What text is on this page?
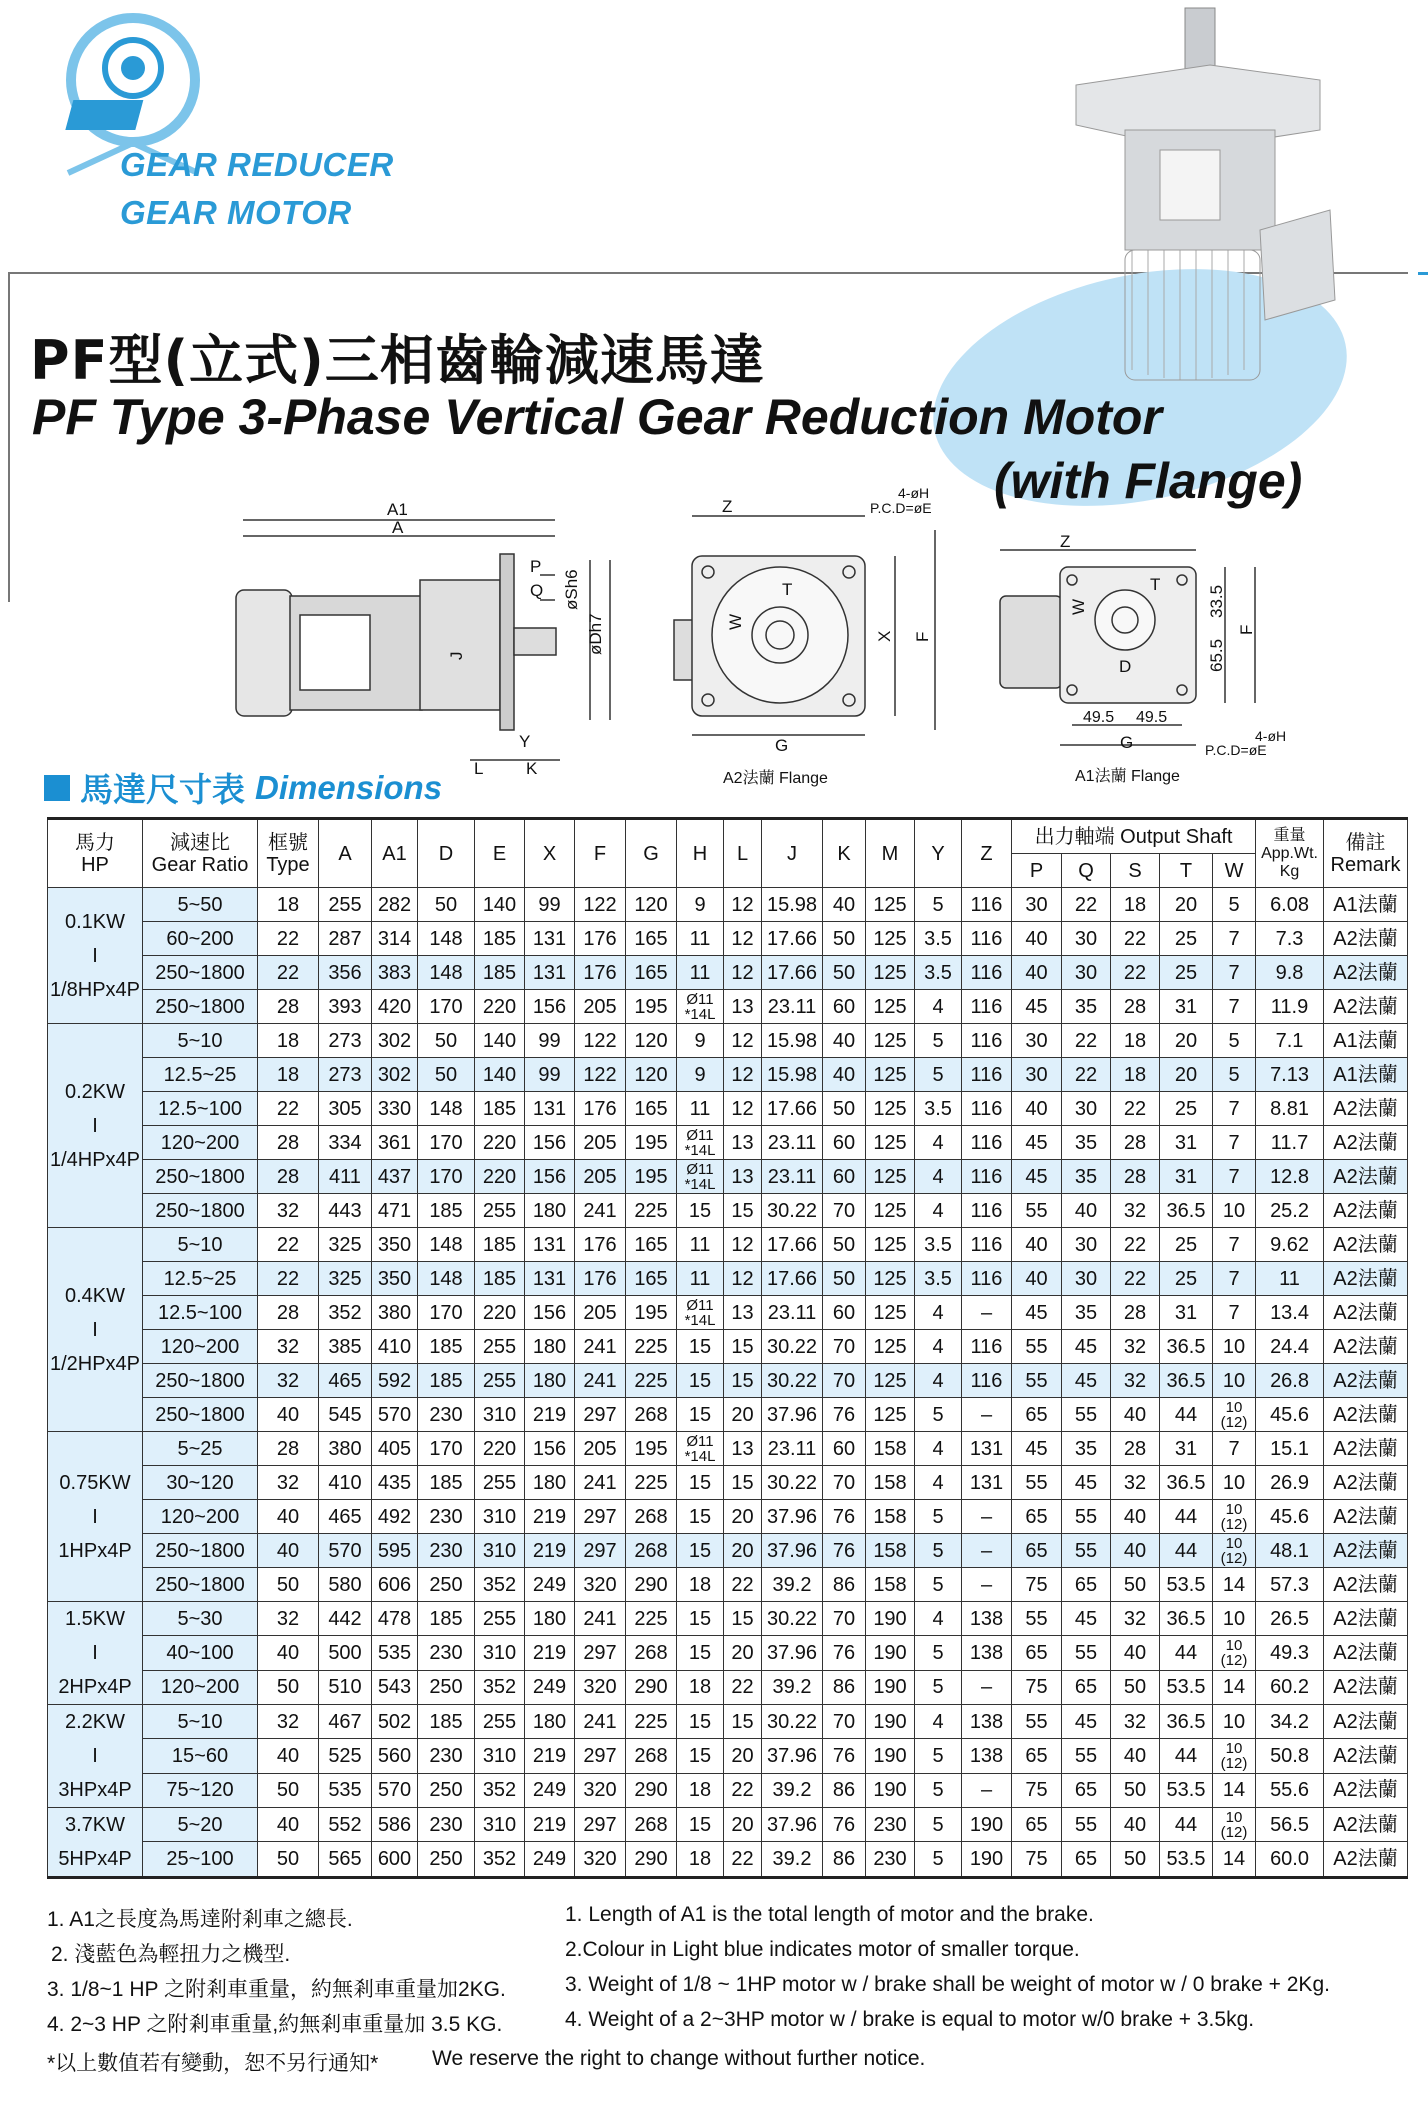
GEAR REDUCER
GEAR MOTOR
PF型(立式)三相齒輪減速馬達
PF Type 3-Phase Vertical Gear Reduction Motor
(with Flange)
A1
A
P
Q øSh6
øDh7
J
Y
L	K
Z
4-øH
P.C.D=øE
T
W
X F
G
A2法蘭 Flange
Z
T
W	33.5
65.5
F
D
49.5 49.5
G	4-øH
P.C.D=øE
A1法蘭 Flange
馬達尺寸表 Dimensions
馬力
HP	減速比
Gear Ratio	框號
Type	A	A1	D	E	X	F	G	H	L	J	K	M	Y	Z	出力軸端 Output Shaft					重量
App.Wt.
Kg	備註
Remark
																	P	Q	S	T	W		
0.1KW
I
1/8HPx4P	5~50	18	255	282	50	140	99	122	120	9	12	15.98	40	125	5	116	30	22	18	20	5	6.08	A1法蘭
	60~200	22	287	314	148	185	131	176	165	11	12	17.66	50	125	3.5	116	40	30	22	25	7	7.3	A2法蘭
	250~1800	22	356	383	148	185	131	176	165	11	12	17.66	50	125	3.5	116	40	30	22	25	7	9.8	A2法蘭
	250~1800	28	393	420	170	220	156	205	195	Ø11
*14L	13	23.11	60	125	4	116	45	35	28	31	7	11.9	A2法蘭
0.2KW
I
1/4HPx4P	5~10	18	273	302	50	140	99	122	120	9	12	15.98	40	125	5	116	30	22	18	20	5	7.1	A1法蘭
	12.5~25	18	273	302	50	140	99	122	120	9	12	15.98	40	125	5	116	30	22	18	20	5	7.13	A1法蘭
	12.5~100	22	305	330	148	185	131	176	165	11	12	17.66	50	125	3.5	116	40	30	22	25	7	8.81	A2法蘭
	120~200	28	334	361	170	220	156	205	195	Ø11
*14L	13	23.11	60	125	4	116	45	35	28	31	7	11.7	A2法蘭
	250~1800	28	411	437	170	220	156	205	195	Ø11
*14L	13	23.11	60	125	4	116	45	35	28	31	7	12.8	A2法蘭
	250~1800	32	443	471	185	255	180	241	225	15	15	30.22	70	125	4	116	55	40	32	36.5	10	25.2	A2法蘭
0.4KW
I
1/2HPx4P	5~10	22	325	350	148	185	131	176	165	11	12	17.66	50	125	3.5	116	40	30	22	25	7	9.62	A2法蘭
	12.5~25	22	325	350	148	185	131	176	165	11	12	17.66	50	125	3.5	116	40	30	22	25	7	11	A2法蘭
	12.5~100	28	352	380	170	220	156	205	195	Ø11
*14L	13	23.11	60	125	4	–	45	35	28	31	7	13.4	A2法蘭
	120~200	32	385	410	185	255	180	241	225	15	15	30.22	70	125	4	116	55	45	32	36.5	10	24.4	A2法蘭
	250~1800	32	465	592	185	255	180	241	225	15	15	30.22	70	125	4	116	55	45	32	36.5	10	26.8	A2法蘭
	250~1800	40	545	570	230	310	219	297	268	15	20	37.96	76	125	5	–	65	55	40	44	10
(12)	45.6	A2法蘭
0.75KW
I
1HPx4P	5~25	28	380	405	170	220	156	205	195	Ø11
*14L	13	23.11	60	158	4	131	45	35	28	31	7	15.1	A2法蘭
	30~120	32	410	435	185	255	180	241	225	15	15	30.22	70	158	4	131	55	45	32	36.5	10	26.9	A2法蘭
	120~200	40	465	492	230	310	219	297	268	15	20	37.96	76	158	5	–	65	55	40	44	10
(12)	45.6	A2法蘭
	250~1800	40	570	595	230	310	219	297	268	15	20	37.96	76	158	5	–	65	55	40	44	10
(12)	48.1	A2法蘭
	250~1800	50	580	606	250	352	249	320	290	18	22	39.2	86	158	5	–	75	65	50	53.5	14	57.3	A2法蘭
1.5KW
I
2HPx4P	5~30	32	442	478	185	255	180	241	225	15	15	30.22	70	190	4	138	55	45	32	36.5	10	26.5	A2法蘭
	40~100	40	500	535	230	310	219	297	268	15	20	37.96	76	190	5	138	65	55	40	44	10
(12)	49.3	A2法蘭
	120~200	50	510	543	250	352	249	320	290	18	22	39.2	86	190	5	–	75	65	50	53.5	14	60.2	A2法蘭
2.2KW
I
3HPx4P	5~10	32	467	502	185	255	180	241	225	15	15	30.22	70	190	4	138	55	45	32	36.5	10	34.2	A2法蘭
	15~60	40	525	560	230	310	219	297	268	15	20	37.96	76	190	5	138	65	55	40	44	10
(12)	50.8	A2法蘭
	75~120	50	535	570	250	352	249	320	290	18	22	39.2	86	190	5	–	75	65	50	53.5	14	55.6	A2法蘭
3.7KW
5HPx4P	5~20	40	552	586	230	310	219	297	268	15	20	37.96	76	230	5	190	65	55	40	44	10
(12)	56.5	A2法蘭
	25~100	50	565	600	250	352	249	320	290	18	22	39.2	86	230	5	190	75	65	50	53.5	14	60.0	A2法蘭
1. A1之長度為馬達附剎車之總長.
2. 淺藍色為輕扭力之機型.
3. 1/8~1 HP 之附剎車重量，約無剎車重量加2KG.
4. 2~3 HP 之附剎車重量,約無剎車重量加 3.5 KG.
1. Length of A1 is the total length of motor and the brake.
2.Colour in Light blue indicates motor of smaller torque.
3. Weight of 1/8 ~ 1HP motor w / brake shall be weight of motor w / 0 brake + 2Kg.
4. Weight of a 2~3HP motor w / brake is equal to motor w/0 brake + 3.5kg.
*以上數值若有變動，恕不另行通知*	We reserve the right to change without further notice.
